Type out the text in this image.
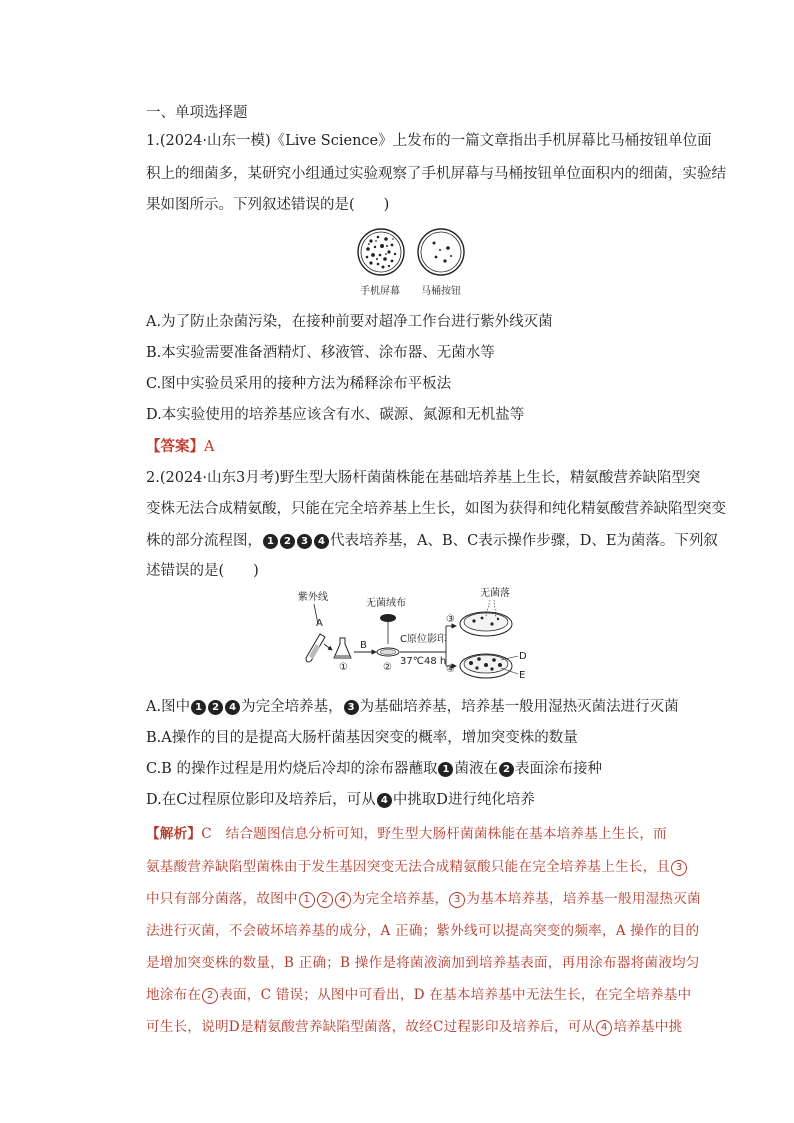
一、单项选择题
1.(2024·山东一模)《Live Science》上发布的一篇文章指出手机屏幕比马桶按钮单位面
积上的细菌多，某研究小组通过实验观察了手机屏幕与马桶按钮单位面积内的细菌，实验结
果如图所示。下列叙述错误的是(　　)
手机屏幕 马桶按钮
A.为了防止杂菌污染，在接种前要对超净工作台进行紫外线灭菌
B.本实验需要准备酒精灯、移液管、涂布器、无菌水等
C.图中实验员采用的接种方法为稀释涂布平板法
D.本实验使用的培养基应该含有水、碳源、氮源和无机盐等
【答案】A
2.(2024·山东3月考)野生型大肠杆菌菌株能在基础培养基上生长，精氨酸营养缺陷型突
变株无法合成精氨酸，只能在完全培养基上生长，如图为获得和纯化精氨酸营养缺陷型突变
株的部分流程图， 1 2 3 4 代表培养基，A、B、C表示操作步骤，D、E为菌落。下列叙
述错误的是(　　)
紫外线
A
①
B
无菌绒布
②
C原位影印
37℃48 h
③
④
无菌落
D
E
A.图中 1 2 4 为完全培养基， 3 为基础培养基，培养基一般用湿热灭菌法进行灭菌
B.A操作的目的是提高大肠杆菌基因突变的概率，增加突变株的数量
C.B 的操作过程是用灼烧后冷却的涂布器蘸取 1 菌液在 2 表面涂布接种
D.在C过程原位影印及培养后，可从 4 中挑取D进行纯化培养
【解析】C　结合题图信息分析可知，野生型大肠杆菌菌株能在基本培养基上生长，而
氨基酸营养缺陷型菌株由于发生基因突变无法合成精氨酸只能在完全培养基上生长，且 3
中只有部分菌落，故图中 1 2 4 为完全培养基， 3 为基本培养基，培养基一般用湿热灭菌
法进行灭菌，不会破坏培养基的成分，A 正确；紫外线可以提高突变的频率，A 操作的目的
是增加突变株的数量，B 正确；B 操作是将菌液滴加到培养基表面，再用涂布器将菌液均匀
地涂布在 2 表面，C 错误；从图中可看出，D 在基本培养基中无法生长，在完全培养基中
可生长，说明D是精氨酸营养缺陷型菌落，故经C过程影印及培养后，可从 4 培养基中挑
